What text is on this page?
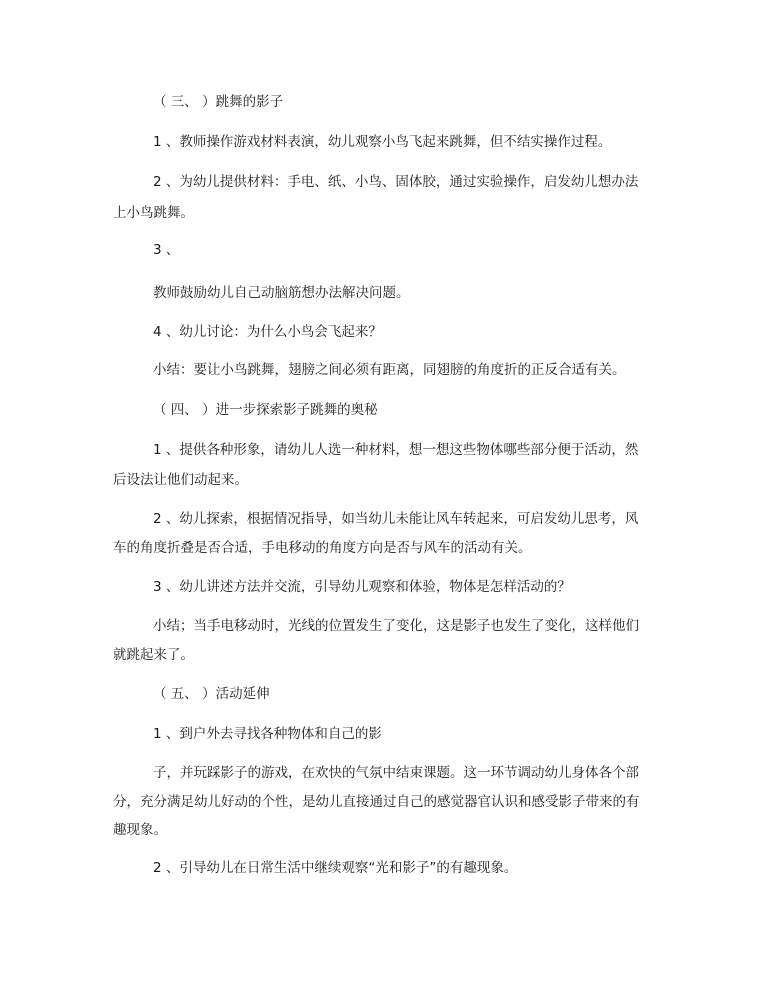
（ 三、 ）跳舞的影子
1 、教师操作游戏材料表演，幼儿观察小鸟飞起来跳舞，但不结实操作过程。
2 、为幼儿提供材料：手电、纸、小鸟、固体胶，通过实验操作，启发幼儿想办法
上小鸟跳舞。
3 、
教师鼓励幼儿自己动脑筋想办法解决问题。
4 、幼儿讨论：为什么小鸟会飞起来？
小结：要让小鸟跳舞，翅膀之间必须有距离，同翅膀的角度折的正反合适有关。
（ 四、 ）进一步探索影子跳舞的奥秘
1 、提供各种形象，请幼儿人选一种材料，想一想这些物体哪些部分便于活动，然
后设法让他们动起来。
2 、幼儿探索，根据情况指导，如当幼儿未能让风车转起来，可启发幼儿思考，风
车的角度折叠是否合适，手电移动的角度方向是否与风车的活动有关。
3 、幼儿讲述方法并交流，引导幼儿观察和体验，物体是怎样活动的？
小结；当手电移动时，光线的位置发生了变化，这是影子也发生了变化，这样他们
就跳起来了。
（ 五、 ）活动延伸
1 、到户外去寻找各种物体和自己的影
子，并玩踩影子的游戏，在欢快的气氛中结束课题。这一环节调动幼儿身体各个部
分，充分满足幼儿好动的个性，是幼儿直接通过自己的感觉器官认识和感受影子带来的有
趣现象。
2 、引导幼儿在日常生活中继续观察“光和影子”的有趣现象。
